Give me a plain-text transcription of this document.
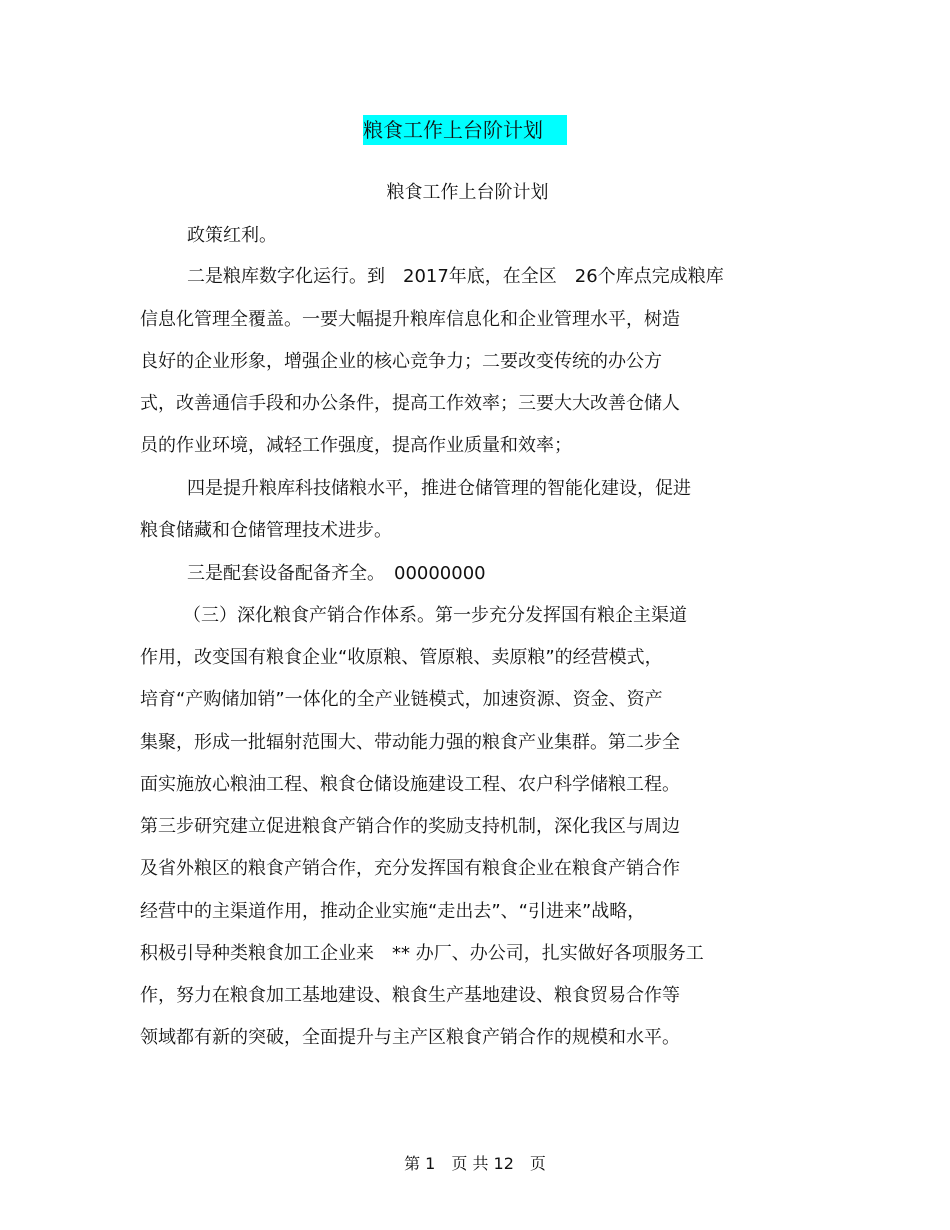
粮食工作上台阶计划
粮食工作上台阶计划
政策红利。
二是粮库数字化运行。到　2017年底，在全区　26个库点完成粮库
信息化管理全覆盖。一要大幅提升粮库信息化和企业管理水平，树造
良好的企业形象，增强企业的核心竞争力；二要改变传统的办公方
式，改善通信手段和办公条件，提高工作效率；三要大大改善仓储人
员的作业环境，减轻工作强度，提高作业质量和效率；
四是提升粮库科技储粮水平，推进仓储管理的智能化建设，促进
粮食储藏和仓储管理技术进步。
三是配套设备配备齐全。　00000000
（三）深化粮食产销合作体系。第一步充分发挥国有粮企主渠道
作用，改变国有粮食企业“收原粮、管原粮、卖原粮”的经营模式，
培育“产购储加销”一体化的全产业链模式，加速资源、资金、资产
集聚，形成一批辐射范围大、带动能力强的粮食产业集群。第二步全
面实施放心粮油工程、粮食仓储设施建设工程、农户科学储粮工程。
第三步研究建立促进粮食产销合作的奖励支持机制，深化我区与周边
及省外粮区的粮食产销合作，充分发挥国有粮食企业在粮食产销合作
经营中的主渠道作用，推动企业实施“走出去”、“引进来”战略，
积极引导种类粮食加工企业来　** 办厂、办公司，扎实做好各项服务工
作，努力在粮食加工基地建设、粮食生产基地建设、粮食贸易合作等
领域都有新的突破，全面提升与主产区粮食产销合作的规模和水平。
第 1　页 共 12　页
